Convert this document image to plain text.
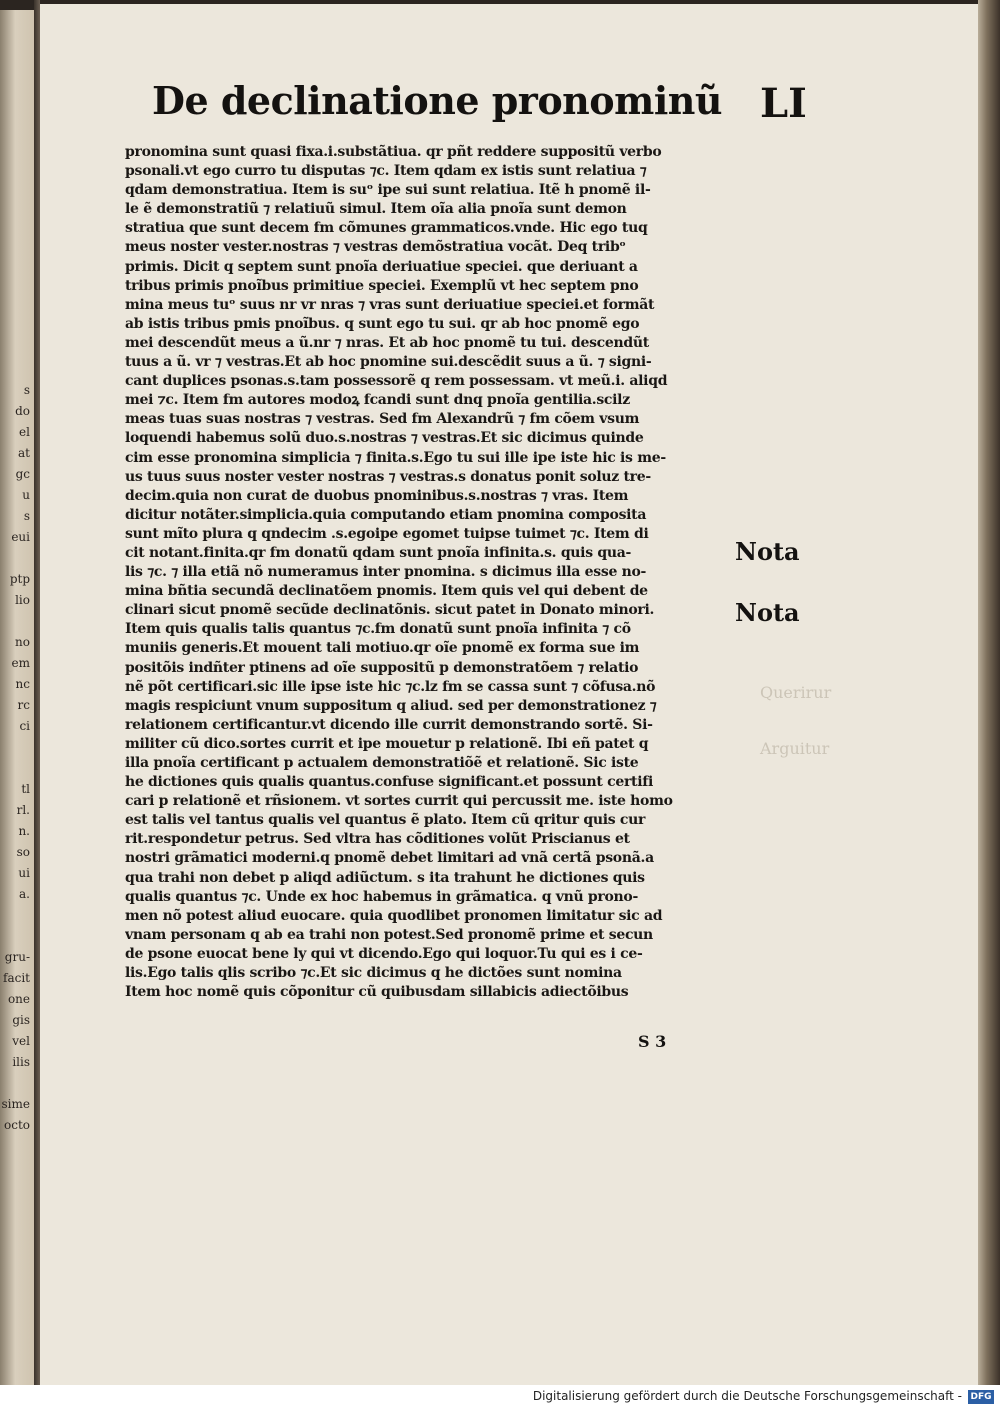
s
do
el
at
gc
u
s
eui
ptp
lio
no
em
nc
rc
ci
tl
rl.
n.
so
ui
a.
gru-
facit
one
gis
vel
ilis
sime
octo
Querirur
Arguitur
De declinatione pronominũ LI
pronomina sunt quasi fixa.i.substãtiua. qr pñt reddere suppositũ verbo
psonali.vt ego curro tu disputas ⁊c. Item qdam ex istis sunt relatiua ⁊
qdam demonstratiua. Item is suᵒ ipe sui sunt relatiua. Itẽ h pnomẽ il-
le ẽ demonstratiũ ⁊ relatiuũ simul. Item oĩa alia pnoĩa sunt demon
stratiua que sunt decem fm cõmunes grammaticos.vnde. Hic ego tuq
meus noster vester.nostras ⁊ vestras demõstratiua vocãt. Deq tribᵒ
primis. Dicit q septem sunt pnoĩa deriuatiue speciei. que deriuant a
tribus primis pnoĩbus primitiue speciei. Exemplũ vt hec septem pno
mina meus tuᵒ suus nr vr nras ⁊ vras sunt deriuatiue speciei.et formãt
ab istis tribus pmis pnoĩbus. q sunt ego tu sui. qr ab hoc pnomẽ ego
mei descendũt meus a ũ.nr ⁊ nras. Et ab hoc pnomẽ tu tui. descendũt
tuus a ũ. vr ⁊ vestras.Et ab hoc pnomine sui.descẽdit suus a ũ. ⁊ signi-
cant duplices psonas.s.tam possessorẽ q rem possessam. vt meũ.i. aliqd
mei ⁊c. Item fm autores modoꝝ fcandi sunt dnq pnoĩa gentilia.scilz
meas tuas suas nostras ⁊ vestras. Sed fm Alexandrũ ⁊ fm cõem vsum
loquendi habemus solũ duo.s.nostras ⁊ vestras.Et sic dicimus quinde
cim esse pronomina simplicia ⁊ finita.s.Ego tu sui ille ipe iste hic is me-
us tuus suus noster vester nostras ⁊ vestras.s donatus ponit soluz tre-
decim.quia non curat de duobus pnominibus.s.nostras ⁊ vras. Item
dicitur notãter.simplicia.quia computando etiam pnomina composita
sunt mĩto plura q qndecim .s.egoipe egomet tuipse tuimet ⁊c. Item di
cit notant.finita.qr fm donatũ qdam sunt pnoĩa infinita.s. quis qua-
lis ⁊c. ⁊ illa etiã nõ numeramus inter pnomina. s dicimus illa esse no-
mina bñtia secundã declinatõem pnomis. Item quis vel qui debent de
clinari sicut pnomẽ secũde declinatõnis. sicut patet in Donato minori.
Item quis qualis talis quantus ⁊c.fm donatũ sunt pnoĩa infinita ⁊ cõ
muniis generis.Et mouent tali motiuo.qr oĩe pnomẽ ex forma sue im
positõis indñter ptinens ad oĩe suppositũ p demonstratõem ⁊ relatio
nẽ põt certificari.sic ille ipse iste hic ⁊c.lz fm se cassa sunt ⁊ cõfusa.nõ
magis respiciunt vnum suppositum q aliud. sed per demonstrationez ⁊
relationem certificantur.vt dicendo ille currit demonstrando sortẽ. Si-
militer cũ dico.sortes currit et ipe mouetur p relationẽ. Ibi eñ patet q
illa pnoĩa certificant p actualem demonstratiõẽ et relationẽ. Sic iste
he dictiones quis qualis quantus.confuse significant.et possunt certifi
cari p relationẽ et rñsionem. vt sortes currit qui percussit me. iste homo
est talis vel tantus qualis vel quantus ẽ plato. Item cũ qritur quis cur
rit.respondetur petrus. Sed vltra has cõditiones volũt Priscianus et
nostri grãmatici moderni.q pnomẽ debet limitari ad vnã certã psonã.a
qua trahi non debet p aliqd adiũctum. s ita trahunt he dictiones quis
qualis quantus ⁊c. Unde ex hoc habemus in grãmatica. q vnũ prono-
men nõ potest aliud euocare. quia quodlibet pronomen limitatur sic ad
vnam personam q ab ea trahi non potest.Sed pronomẽ prime et secun
de psone euocat bene ly qui vt dicendo.Ego qui loquor.Tu qui es i ce-
lis.Ego talis qlis scribo ⁊c.Et sic dicimus q he dictões sunt nomina
Item hoc nomẽ quis cõponitur cũ quibusdam sillabicis adiectõibus
Nota
Nota
S 3
Digitalisierung gefördert durch die Deutsche Forschungsgemeinschaft - DFG
